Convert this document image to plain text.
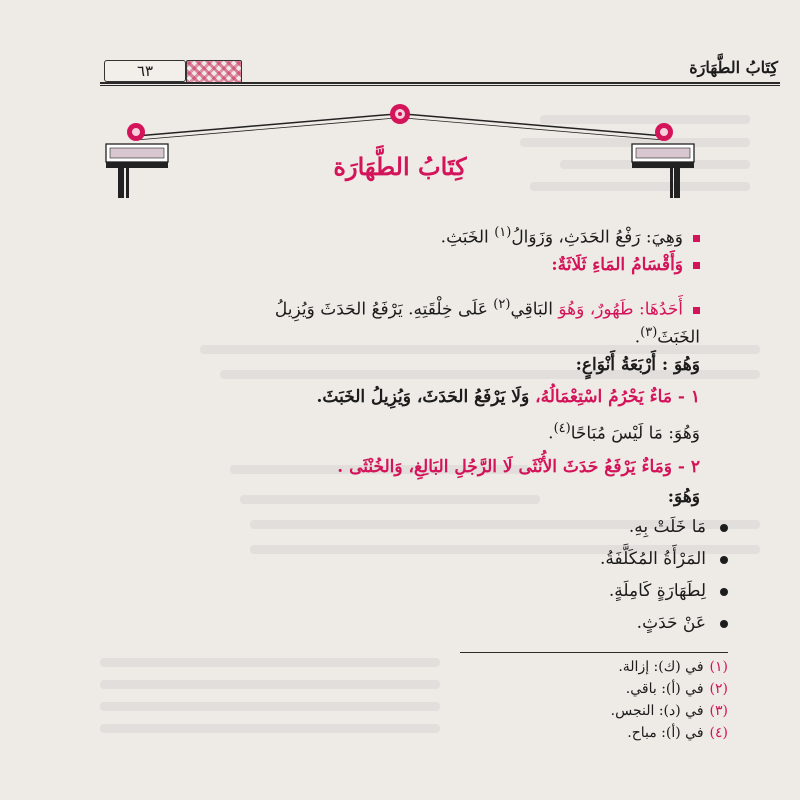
كِتَابُ الطَّهَارَة
٦٣
كِتَابُ الطَّهَارَة
وَهِيَ: رَفْعُ الحَدَثِ، وَزَوَالُ$^{(١)}$ الخَبَثِ.
وَأَقْسَامُ المَاءِ ثَلَاثَةٌ:
أَحَدُهَا: طَهُورٌ، وَهُوَ البَاقِي$^{(٢)}$ عَلَى خِلْقَتِهِ. يَرْفَعُ الحَدَثَ وَيُزِيلُ
الخَبَثَ$^{(٣)}$.
وَهُوَ : أَرْبَعَةُ أَنْوَاعٍ:
١ - مَاءٌ يَحْرُمُ اسْتِعْمَالُهُ، وَلَا يَرْفَعُ الحَدَثَ، وَيُزِيلُ الخَبَثَ.
وَهُوَ: مَا لَيْسَ مُبَاحًا$^{(٤)}$.
٢ - وَمَاءٌ يَرْفَعُ حَدَثَ الأُنْثَى لَا الرَّجُلِ البَالِغِ، وَالخُنْثَى .
وَهُوَ:
مَا خَلَتْ بِهِ.
المَرْأَةُ المُكَلَّفَةُ.
لِطَهَارَةٍ كَامِلَةٍ.
عَنْ حَدَثٍ.
(١)في (ك): إزالة.
(٢)في (أ): باقي.
(٣)في (د): النجس.
(٤)في (أ): مباح.
